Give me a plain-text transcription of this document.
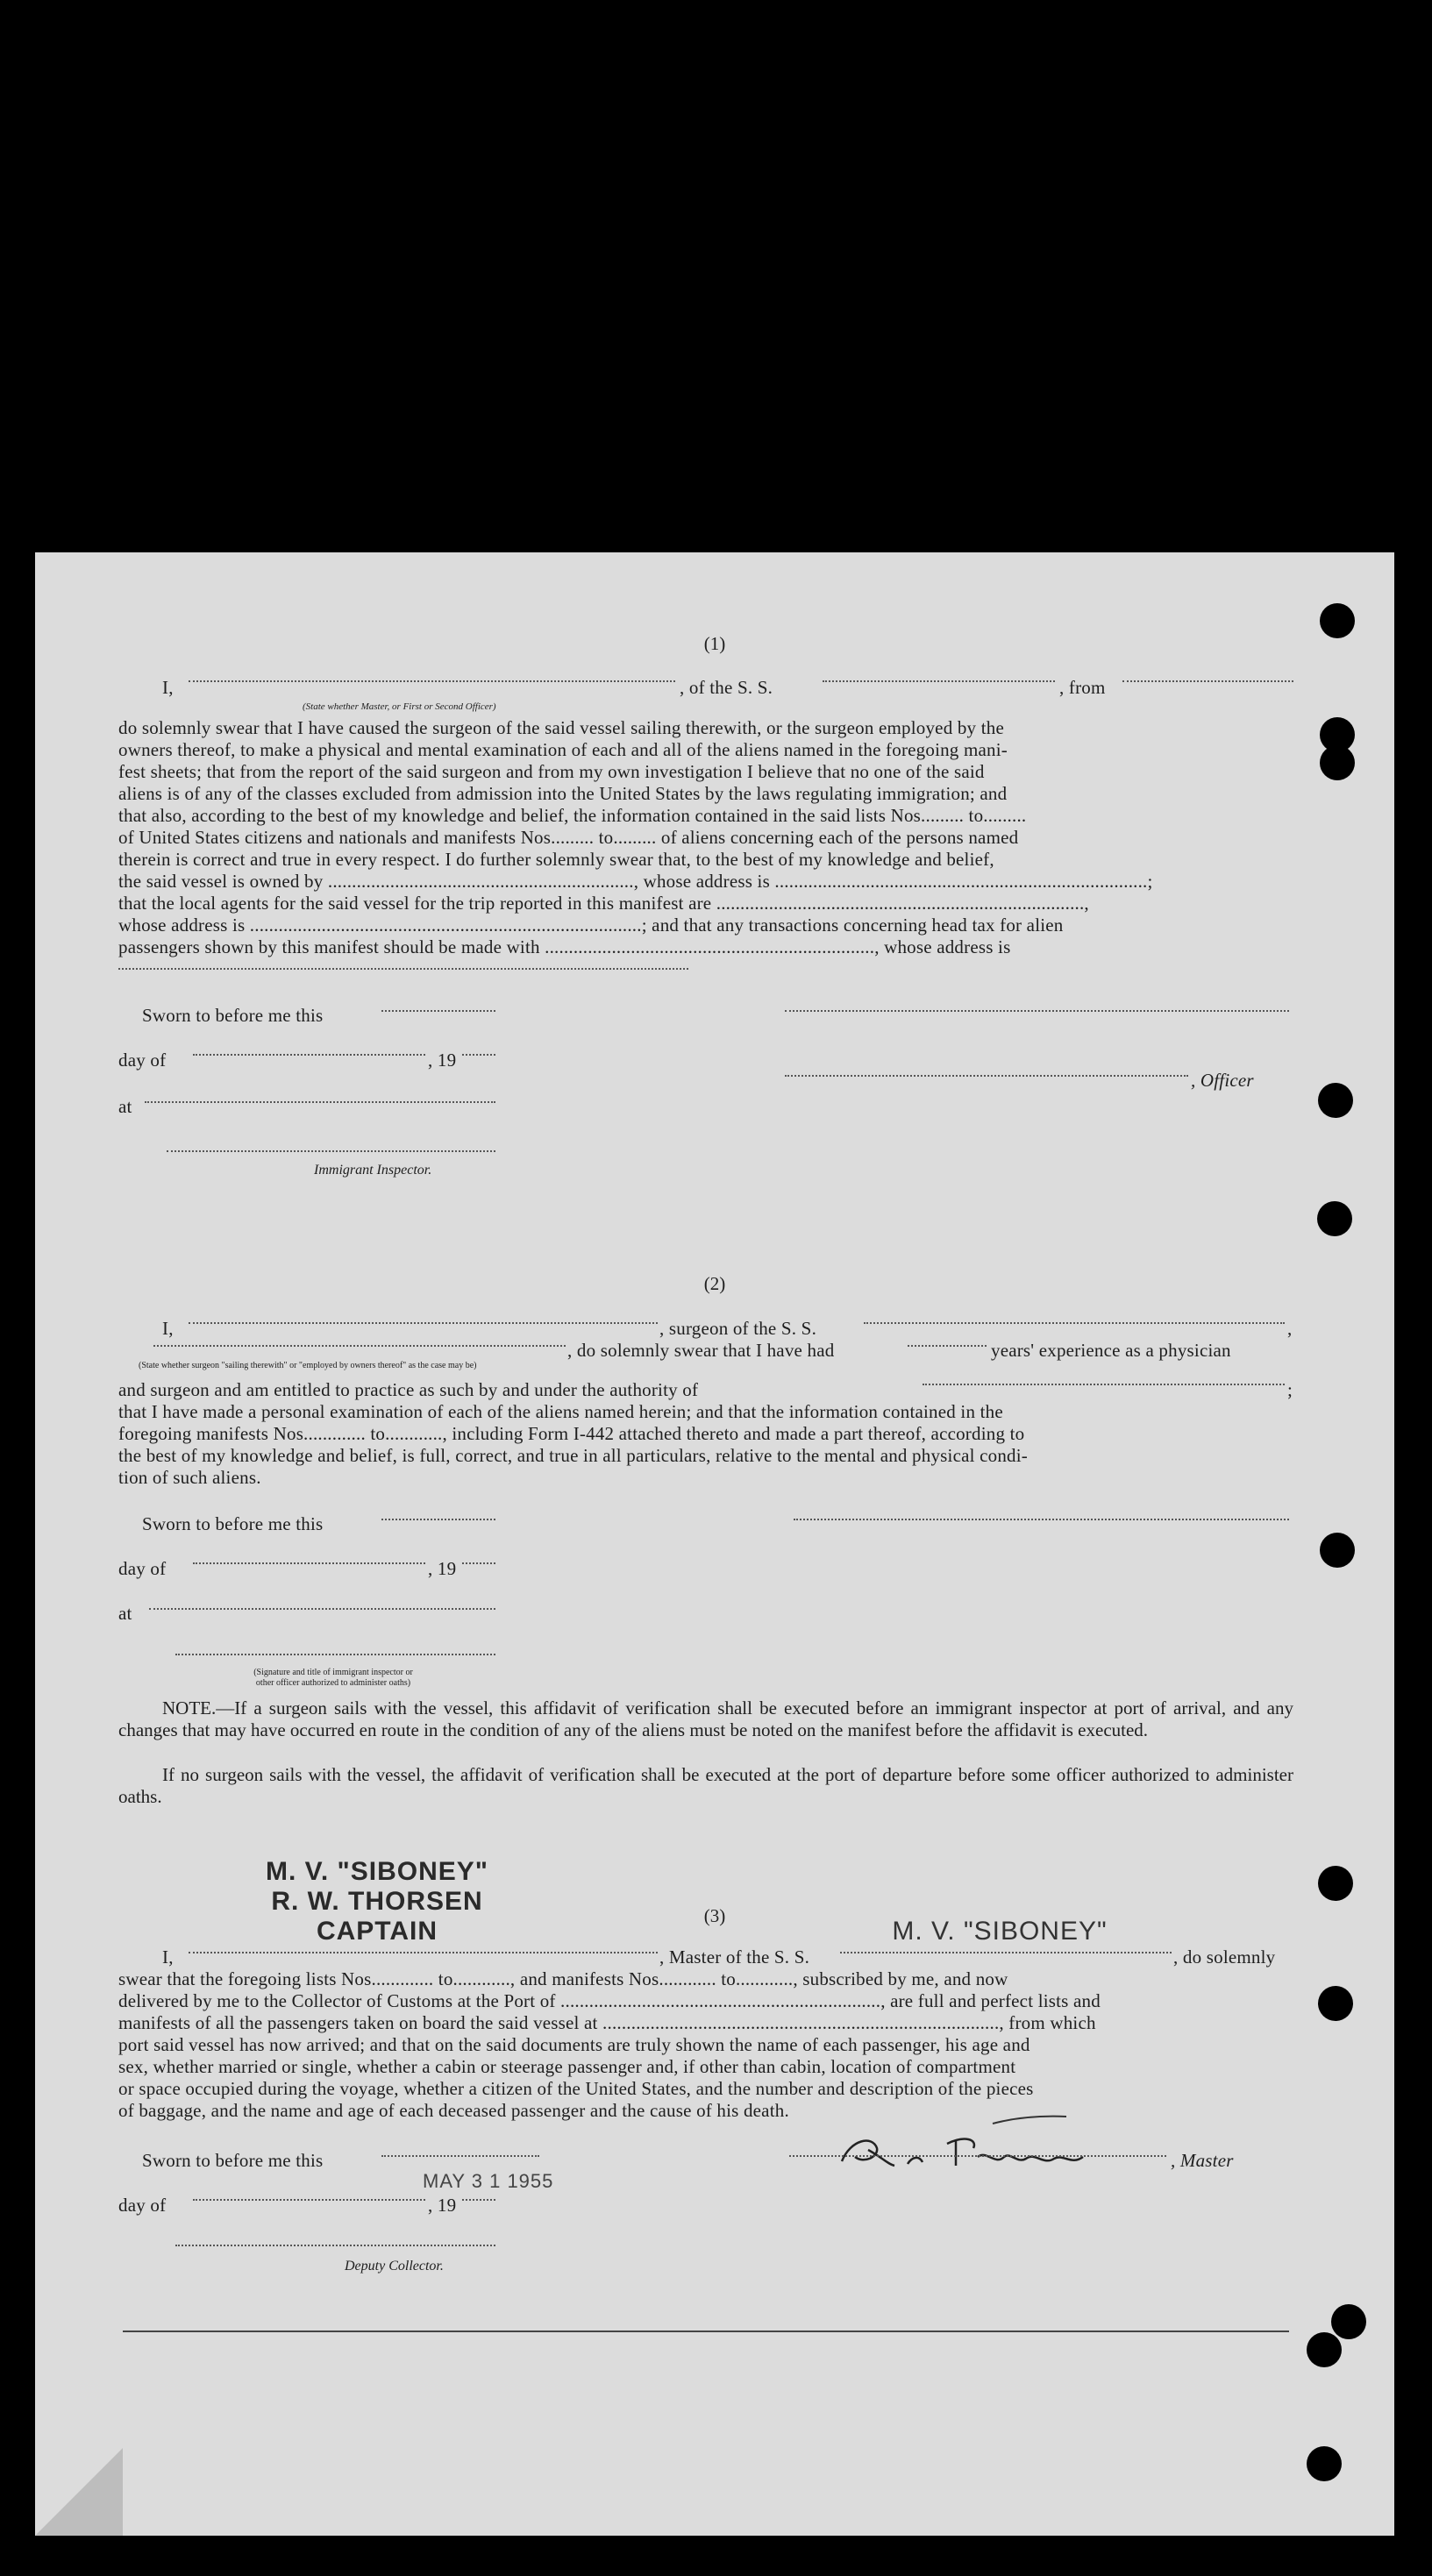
(1)
I,	, of the S. S.	, from
(State whether Master, or First or Second Officer)
do solemnly swear that I have caused the surgeon of the said vessel sailing therewith, or the surgeon employed by the
owners thereof, to make a physical and mental examination of each and all of the aliens named in the foregoing mani-
fest sheets; that from the report of the said surgeon and from my own investigation I believe that no one of the said
aliens is of any of the classes excluded from admission into the United States by the laws regulating immigration; and
that also, according to the best of my knowledge and belief, the information contained in the said lists Nos......... to.........
of United States citizens and nationals and manifests Nos......... to......... of aliens concerning each of the persons named
therein is correct and true in every respect. I do further solemnly swear that, to the best of my knowledge and belief,
the said vessel is owned by ................................................................, whose address is ..............................................................................;
that the local agents for the said vessel for the trip reported in this manifest are .............................................................................,
whose address is ..................................................................................; and that any transactions concerning head tax for alien
passengers shown by this manifest should be made with ....................................................................., whose address is
Sworn to before me this
day of	, 19
, Officer
at
Immigrant Inspector.
(2)
I,	, surgeon of the S. S.	,
, do solemnly swear that I have had	years' experience as a physician
(State whether surgeon "sailing therewith" or "employed by owners thereof" as the case may be)
and surgeon and am entitled to practice as such by and under the authority of	;
that I have made a personal examination of each of the aliens named herein; and that the information contained in the
foregoing manifests Nos............. to............, including Form I-442 attached thereto and made a part thereof, according to
the best of my knowledge and belief, is full, correct, and true in all particulars, relative to the mental and physical condi-
tion of such aliens.
Sworn to before me this
day of	, 19
at
(Signature and title of immigrant inspector or
other officer authorized to administer oaths)
NOTE.—If a surgeon sails with the vessel, this affidavit of verification shall be executed before an immigrant inspector at port of arrival, and any changes that may have occurred en route in the condition of any of the aliens must be noted on the manifest before the affidavit is executed.
If no surgeon sails with the vessel, the affidavit of verification shall be executed at the port of departure before some officer authorized to administer oaths.
M. V. "SIBONEY"
R. W. THORSEN
CAPTAIN
(3)
M. V. "SIBONEY"
I,	, Master of the S. S.	, do solemnly
swear that the foregoing lists Nos............. to............, and manifests Nos............ to............, subscribed by me, and now
delivered by me to the Collector of Customs at the Port of ..................................................................., are full and perfect lists and
manifests of all the passengers taken on board the said vessel at ..................................................................................., from which
port said vessel has now arrived; and that on the said documents are truly shown the name of each passenger, his age and
sex, whether married or single, whether a cabin or steerage passenger and, if other than cabin, location of compartment
or space occupied during the voyage, whether a citizen of the United States, and the number and description of the pieces
of baggage, and the name and age of each deceased passenger and the cause of his death.
Sworn to before me this	, Master
MAY 3 1 1955
day of	, 19
Deputy Collector.
